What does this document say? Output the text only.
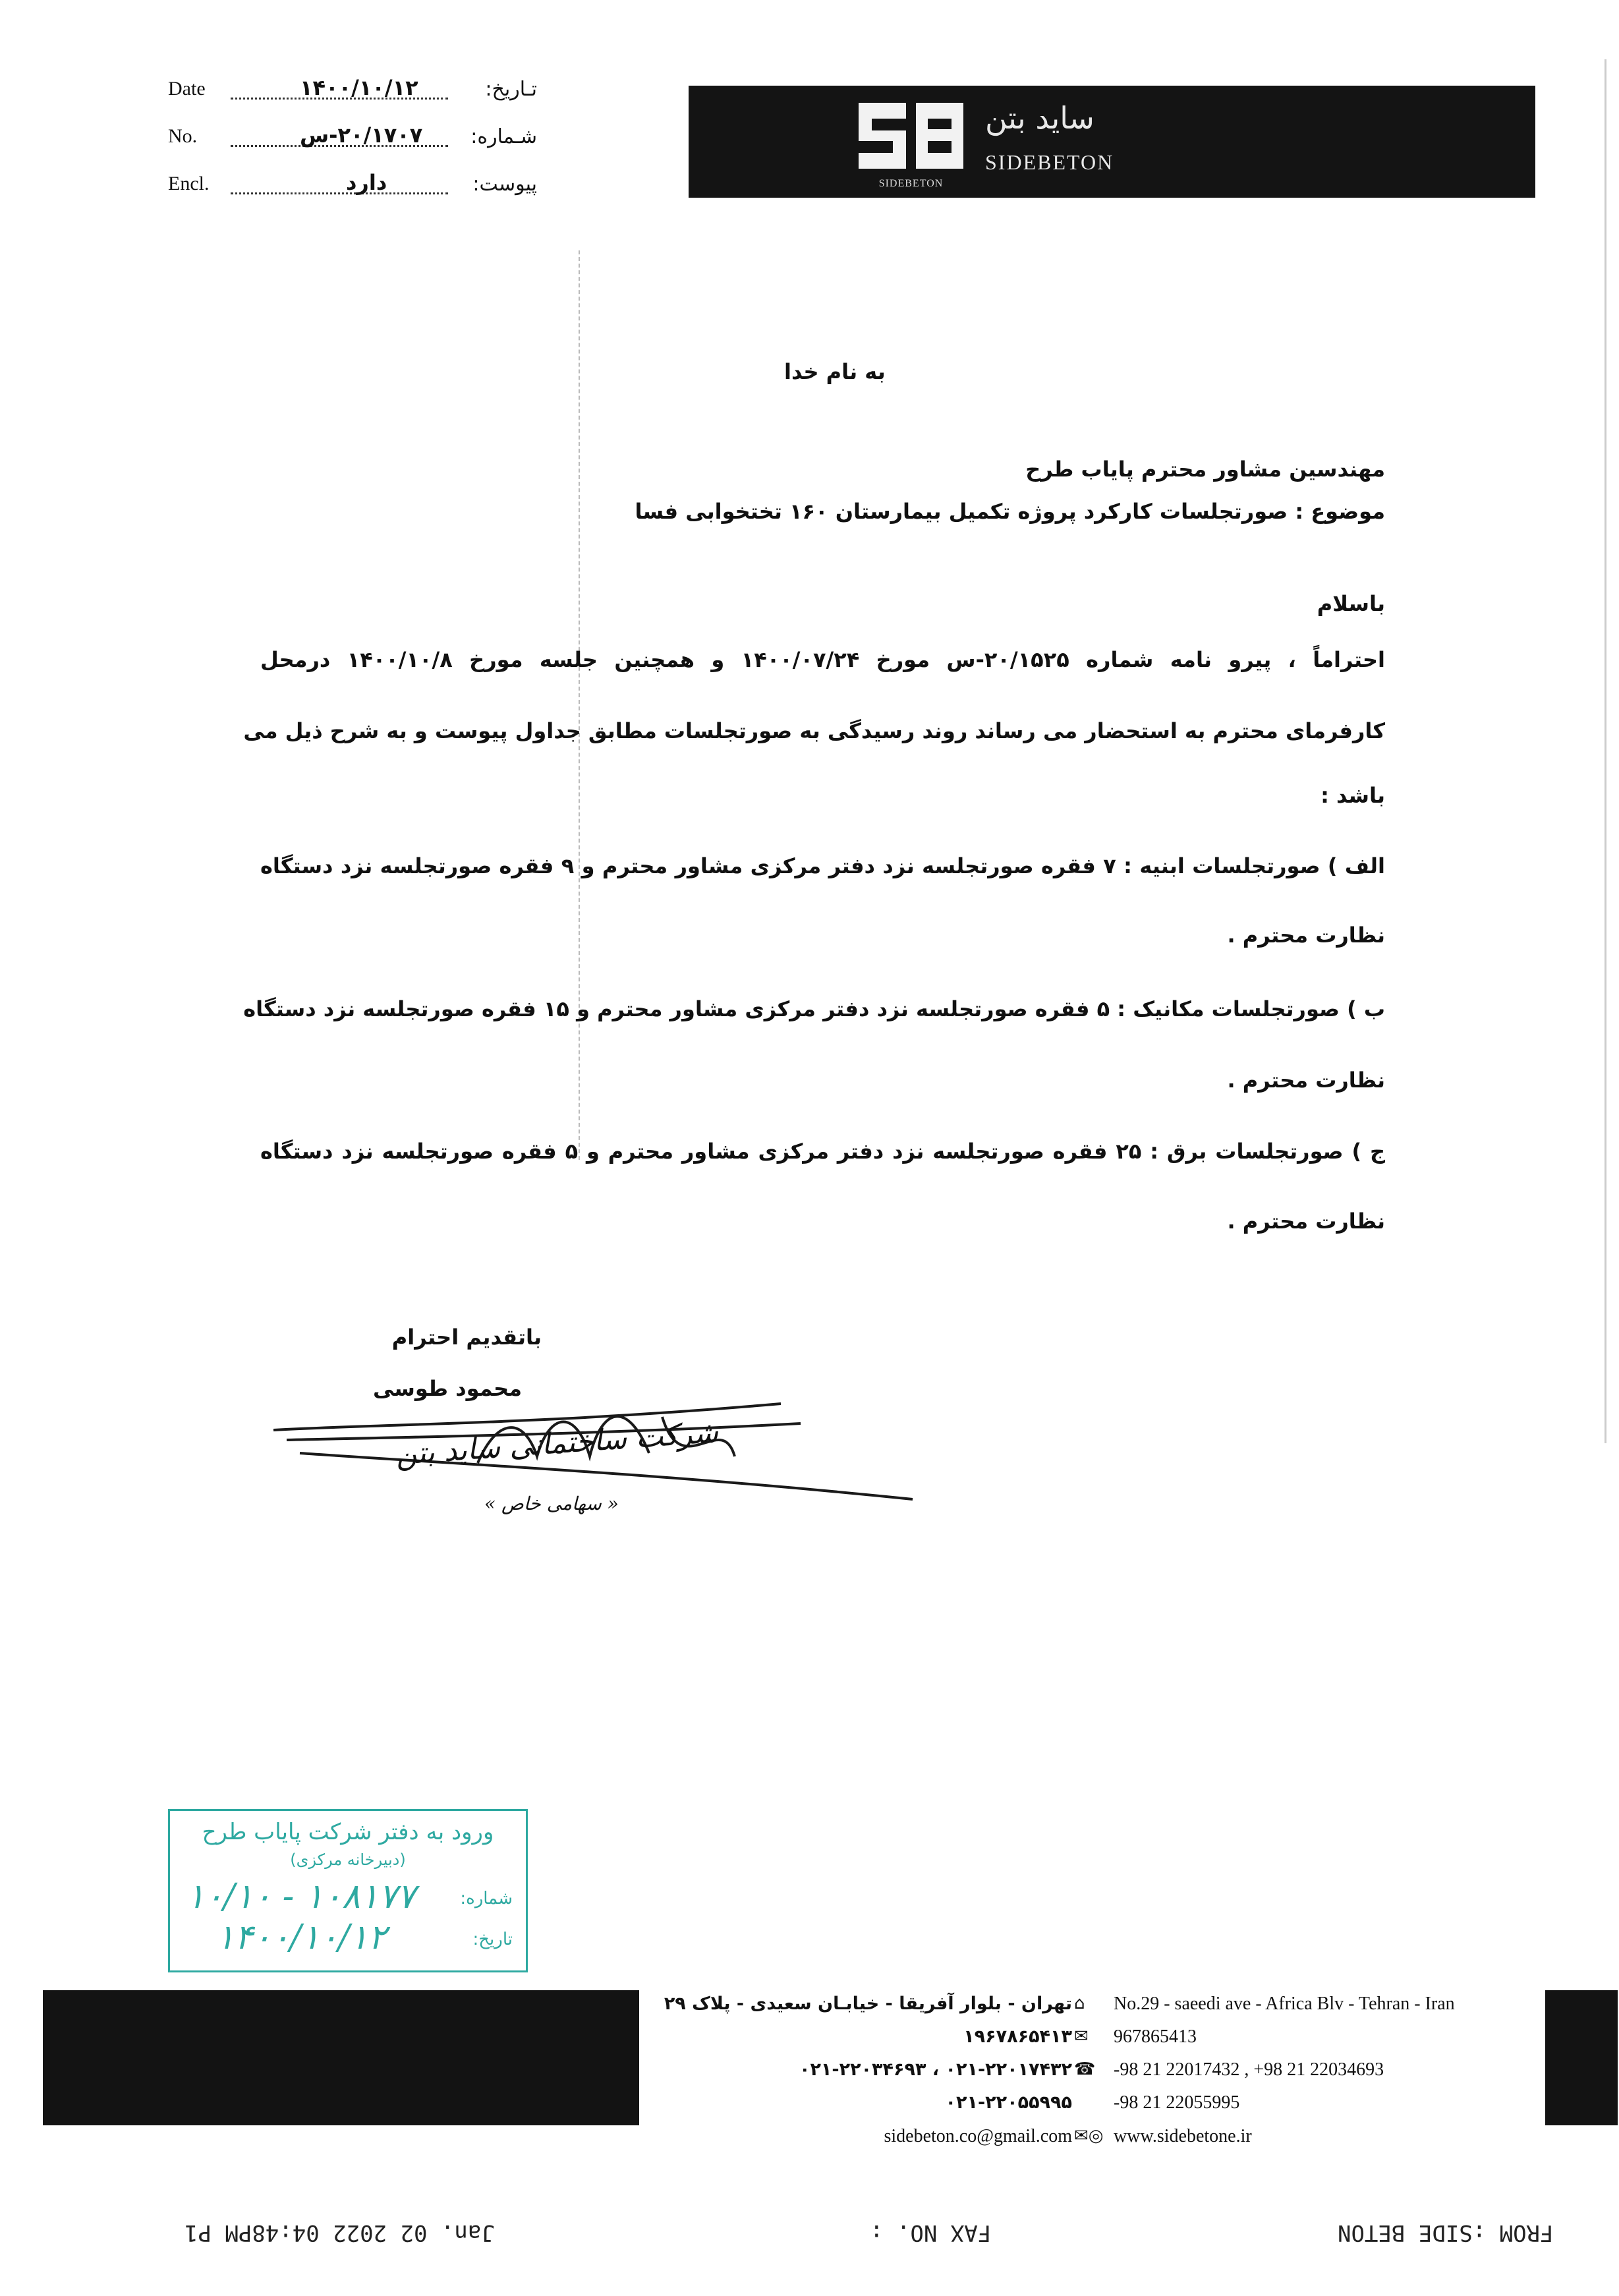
Date	۱۴۰۰/۱۰/۱۲	تـاریخ:
No.	۲۰/۱۷۰۷-س شـماره:
Encl.	دارد	پیوست:	SIDEBETON
ساید بتن
SIDEBETON
به نام خدا
مهندسین مشاور محترم پایاب طرح
موضوع : صورتجلسات کارکرد پروژه تکمیل بیمارستان ۱۶۰ تختخوابی فسا
باسلام
احتراماً ، پیرو نامه شماره ۲۰/۱۵۲۵-س مورخ ۱۴۰۰/۰۷/۲۴ و همچنین جلسه مورخ ۱۴۰۰/۱۰/۸ درمحل
کارفرمای محترم به استحضار می رساند روند رسیدگی به صورتجلسات مطابق جداول پیوست و به شرح ذیل می
باشد :
الف ) صورتجلسات ابنیه : ۷ فقره صورتجلسه نزد دفتر مرکزی مشاور محترم و ۹ فقره صورتجلسه نزد دستگاه
نظارت محترم .
ب ) صورتجلسات مکانیک : ۵ فقره صورتجلسه نزد دفتر مرکزی مشاور محترم و ۱۵ فقره صورتجلسه نزد دستگاه
نظارت محترم .
ج ) صورتجلسات برق : ۲۵ فقره صورتجلسه نزد دفتر مرکزی مشاور محترم و ۵ فقره صورتجلسه نزد دستگاه
نظارت محترم .
باتقدیم احترام
محمود طوسی
شرکت ساختمانی ساید بتن
« سهامی خاص »
ورود به دفتر شرکت پایاب طرح
(دبیرخانه مرکزی)
شماره:
۱۰/۱۰ - ۱۰۸۱۷۷
تاریخ:
۱۴۰۰/۱۰/۱۲
تهران - بلوار آفریقا - خیابـان سعیدی - پلاک ۲۹
۱۹۶۷۸۶۵۴۱۳
۰۲۱-۲۲۰۱۷۴۳۲ ، ۰۲۱-۲۲۰۳۴۶۹۳
۰۲۱-۲۲۰۵۵۹۹۵
sidebeton.co@gmail.com
⌂
✉
☎
✉◎
No.29 - saeedi ave - Africa Blv - Tehran - Iran
967865413
-98 21 22017432 , +98 21 22034693
-98 21 22055995
www.sidebetone.ir
FROM :SIDE BETON
FAX NO. :
Jan. 02 2022 04:48PM P1
